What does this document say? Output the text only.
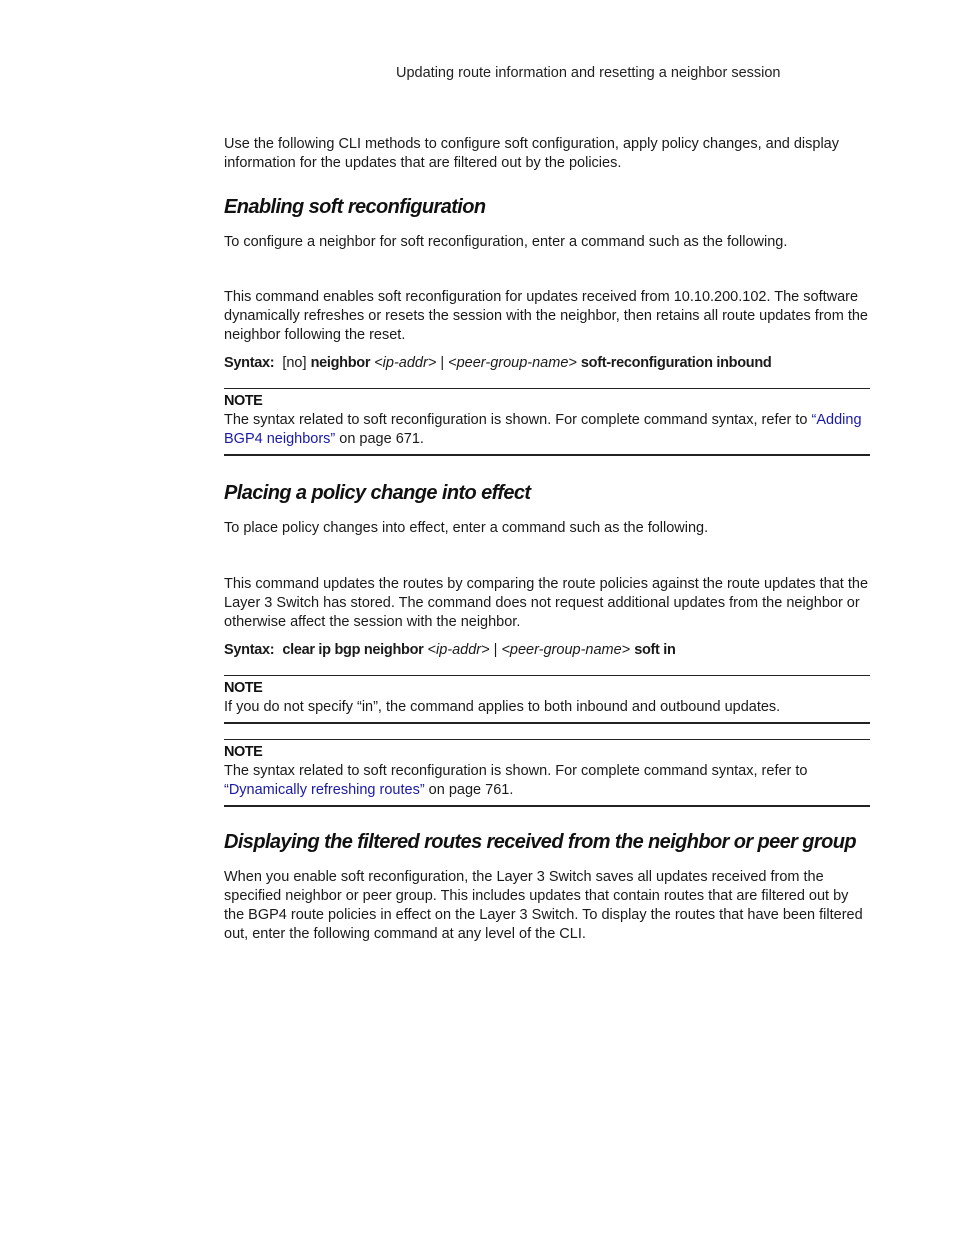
Updating route information and resetting a neighbor session

Use the following CLI methods to configure soft configuration, apply policy changes, and display information for the updates that are filtered out by the policies.

Enabling soft reconfiguration

To configure a neighbor for soft reconfiguration, enter a command such as the following.

This command enables soft reconfiguration for updates received from 10.10.200.102. The software dynamically refreshes or resets the session with the neighbor, then retains all route updates from the neighbor following the reset.

Syntax: [no] neighbor <ip-addr> | <peer-group-name> soft-reconfiguration inbound

NOTE

The syntax related to soft reconfiguration is shown. For complete command syntax, refer to “Adding BGP4 neighbors” on page 671.

Placing a policy change into effect

To place policy changes into effect, enter a command such as the following.

This command updates the routes by comparing the route policies against the route updates that the Layer 3 Switch has stored. The command does not request additional updates from the neighbor or otherwise affect the session with the neighbor.

Syntax: clear ip bgp neighbor <ip-addr> | <peer-group-name> soft in

NOTE

If you do not specify “in”, the command applies to both inbound and outbound updates.

NOTE

The syntax related to soft reconfiguration is shown. For complete command syntax, refer to
“Dynamically refreshing routes” on page 761.

Displaying the filtered routes received from the neighbor or peer group

When you enable soft reconfiguration, the Layer 3 Switch saves all updates received from the specified neighbor or peer group. This includes updates that contain routes that are filtered out by the BGP4 route policies in effect on the Layer 3 Switch. To display the routes that have been filtered out, enter the following command at any level of the CLI.
